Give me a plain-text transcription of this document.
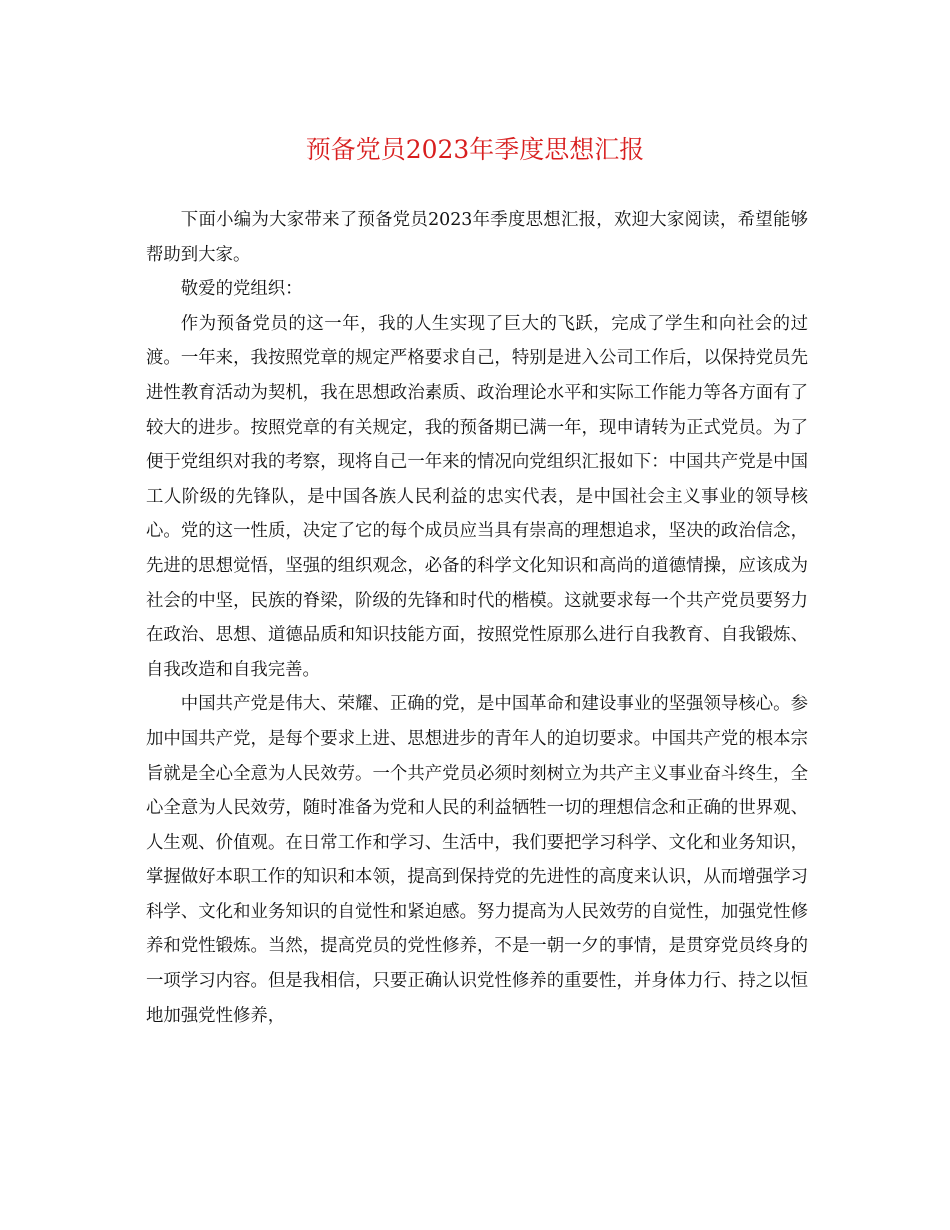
预备党员2023年季度思想汇报

下面小编为大家带来了预备党员2023年季度思想汇报，欢迎大家阅读，希望能够帮助到大家。

敬爱的党组织：

作为预备党员的这一年，我的人生实现了巨大的飞跃，完成了学生和向社会的过渡。一年来，我按照党章的规定严格要求自己，特别是进入公司工作后，以保持党员先进性教育活动为契机，我在思想政治素质、政治理论水平和实际工作能力等各方面有了较大的进步。按照党章的有关规定，我的预备期已满一年，现申请转为正式党员。为了便于党组织对我的考察，现将自己一年来的情况向党组织汇报如下：中国共产党是中国工人阶级的先锋队，是中国各族人民利益的忠实代表，是中国社会主义事业的领导核心。党的这一性质，决定了它的每个成员应当具有崇高的理想追求，坚决的政治信念，先进的思想觉悟，坚强的组织观念，必备的科学文化知识和高尚的道德情操，应该成为社会的中坚，民族的脊梁，阶级的先锋和时代的楷模。这就要求每一个共产党员要努力在政治、思想、道德品质和知识技能方面，按照党性原那么进行自我教育、自我锻炼、自我改造和自我完善。

中国共产党是伟大、荣耀、正确的党，是中国革命和建设事业的坚强领导核心。参加中国共产党，是每个要求上进、思想进步的青年人的迫切要求。中国共产党的根本宗旨就是全心全意为人民效劳。一个共产党员必须时刻树立为共产主义事业奋斗终生，全心全意为人民效劳，随时准备为党和人民的利益牺牲一切的理想信念和正确的世界观、人生观、价值观。在日常工作和学习、生活中，我们要把学习科学、文化和业务知识，掌握做好本职工作的知识和本领，提高到保持党的先进性的高度来认识，从而增强学习科学、文化和业务知识的自觉性和紧迫感。努力提高为人民效劳的自觉性，加强党性修养和党性锻炼。当然，提高党员的党性修养，不是一朝一夕的事情，是贯穿党员终身的一项学习内容。但是我相信，只要正确认识党性修养的重要性，并身体力行、持之以恒地加强党性修养，
